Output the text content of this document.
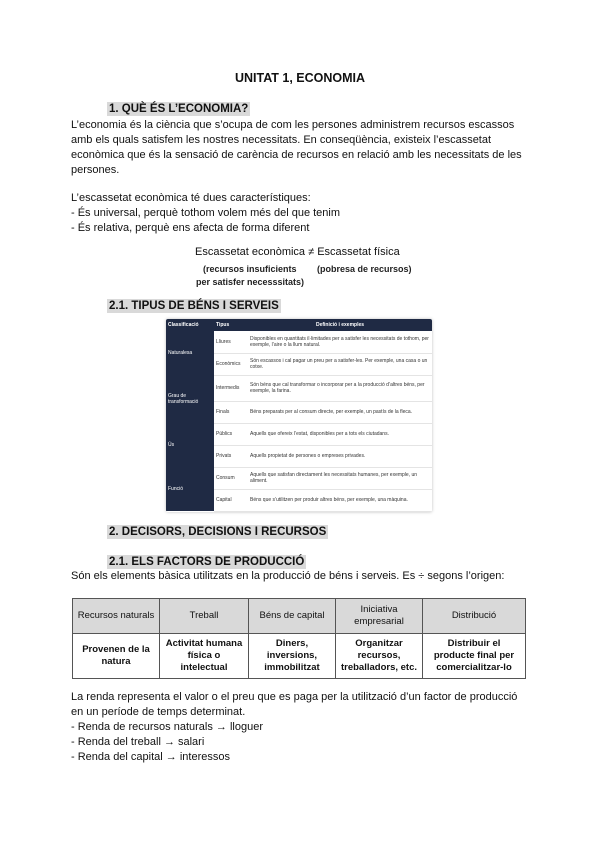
UNITAT 1, ECONOMIA
1. QUÈ ÉS L’ECONOMIA?
L’economia és la ciència que s’ocupa de com les persones administrem recursos escassos
amb els quals satisfem les nostres necessitats. En conseqüència, existeix l’escassetat
econòmica que és la sensació de carència de recursos en relació amb les necessitats de les
persones.
L’escassetat econòmica té dues característiques:
- És universal, perquè tothom volem més del que tenim
- És relativa, perquè ens afecta de forma diferent
Escassetat econòmica ≠ Escassetat física
(recursos insuficients
per satisfer necesssitats)
(pobresa de recursos)
2.1. TIPUS DE BÉNS I SERVEIS
Classificació	Tipus	Definició i exemples
Naturalesa	Lliures	Disponibles en quantitats il·limitades per a satisfer les necessitats de tothom, per exemple, l’aire o la llum natural.
	Econòmics	Són escassos i cal pagar un preu per a satisfer-les. Per exemple, una casa o un cotxe.
Grau de transformació	Intermedis	Són béns que cal transformar o incorporar per a la producció d’altres béns, per exemple, la farina.
	Finals	Béns preparats per al consum directe, per exemple, un pastís de la fleca.
Ús	Públics	Aquells que ofereix l’estat, disponibles per a tots els ciutadans.
	Privats	Aquells propietat de persones o empreses privades.
Funció	Consum	Aquells que satisfan directament les necessitats humanes, per exemple, un aliment.
	Capital	Béns que s’utilitzen per produir altres béns, per exemple, una màquina.
2. DECISORS, DECISIONS I RECURSOS
2.1. ELS FACTORS DE PRODUCCIÓ
Són els elements bàsica utilitzats en la producció de béns i serveis. Es ÷ segons l’origen:
Recursos naturals	Treball	Béns de capital	Iniciativa empresarial	Distribució
Provenen de la natura	Activitat humana física o intelectual	Diners, inversions, immobilitzat	Organitzar recursos, treballadors, etc.	Distribuir el producte final per comercialitzar-lo
La renda representa el valor o el preu que es paga per la utilització d’un factor de producció
en un període de temps determinat.
- Renda de recursos naturals → lloguer
- Renda del treball → salari
- Renda del capital → interessos
